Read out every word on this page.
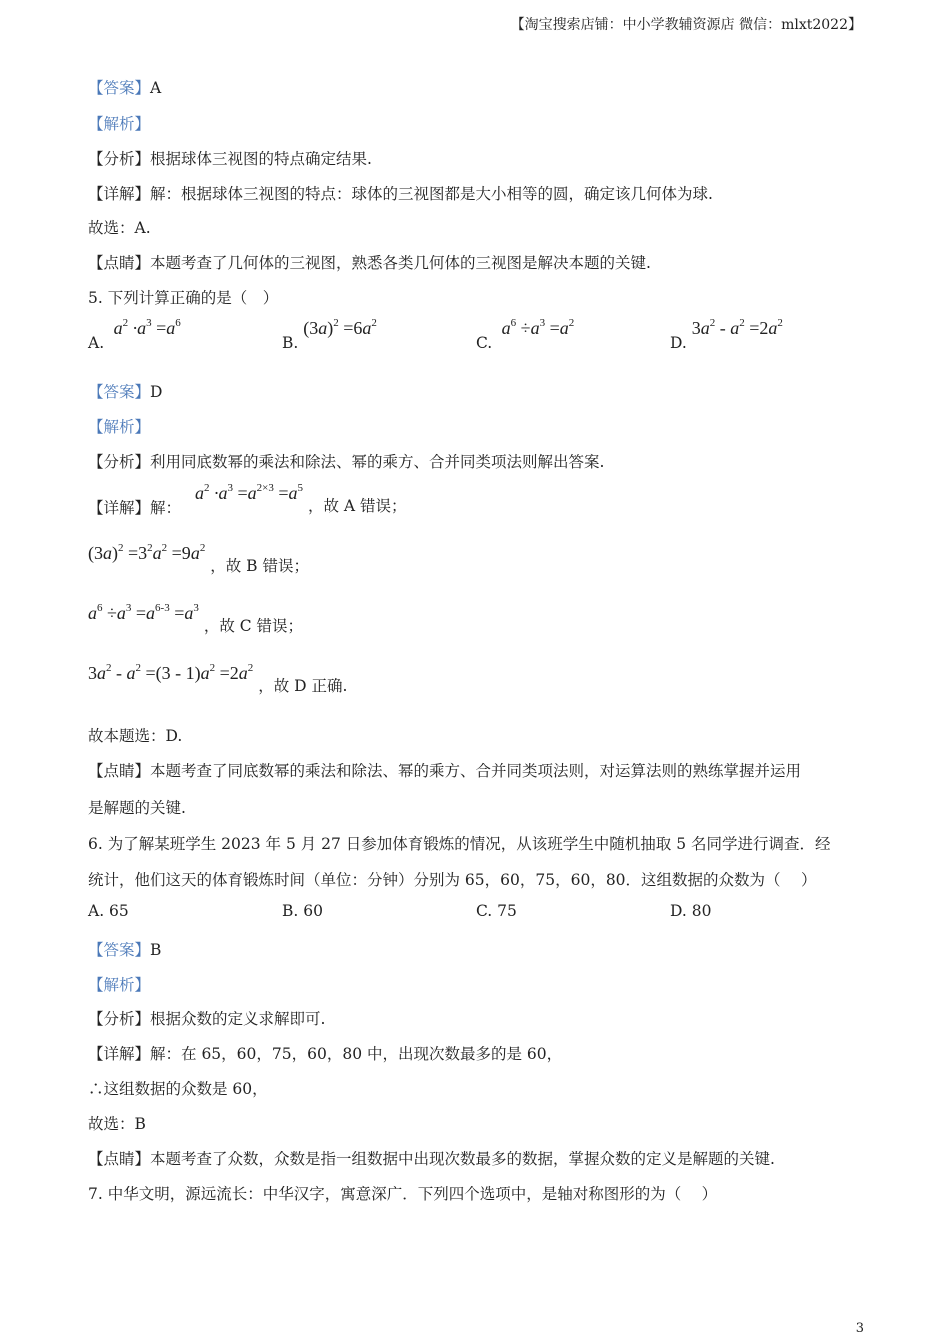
【淘宝搜索店铺：中小学教辅资源店 微信：mlxt2022】
【答案】A
【解析】
【分析】根据球体三视图的特点确定结果.
【详解】解：根据球体三视图的特点：球体的三视图都是大小相等的圆，确定该几何体为球.
故选：A.
【点睛】本题考查了几何体的三视图，熟悉各类几何体的三视图是解决本题的关键.
5. 下列计算正确的是（　）
A.  $a^2 \cdot a^3 =a^6$
B. $(3a)^2 =6a^2$
C.  $a^6 \div a^3 =a^2$
D. $3a^2 - a^2 =2a^2$
【答案】D
【解析】
【分析】利用同底数幂的乘法和除法、幂的乘方、合并同类项法则解出答案.
【详解】解：   $a^2 \cdot a^3 =a^{2\times 3} =a^5$ ，故 A 错误；
$(3a)^2 =3^2a^2 =9a^2$ ，故 B 错误；
$a^6 \div a^3 =a^{6-3} =a^3$ ，故 C 错误；
$3a^2 - a^2 =(3 - 1)a^2 =2a^2$ ，故 D 正确.
故本题选：D.
【点睛】本题考查了同底数幂的乘法和除法、幂的乘方、合并同类项法则，对运算法则的熟练掌握并运用
是解题的关键.
6. 为了解某班学生 2023 年 5 月 27 日参加体育锻炼的情况，从该班学生中随机抽取 5 名同学进行调查．经
统计，他们这天的体育锻炼时间（单位：分钟）分别为 65，60，75，60，80．这组数据的众数为（　 ）
A. 65	B. 60	C. 75	D. 80
【答案】B
【解析】
【分析】根据众数的定义求解即可.
【详解】解：在 65，60，75，60，80 中，出现次数最多的是 60，
∴这组数据的众数是 60，
故选：B
【点睛】本题考查了众数，众数是指一组数据中出现次数最多的数据，掌握众数的定义是解题的关键.
7. 中华文明，源远流长：中华汉字，寓意深广．下列四个选项中，是轴对称图形的为（　 ）
3
